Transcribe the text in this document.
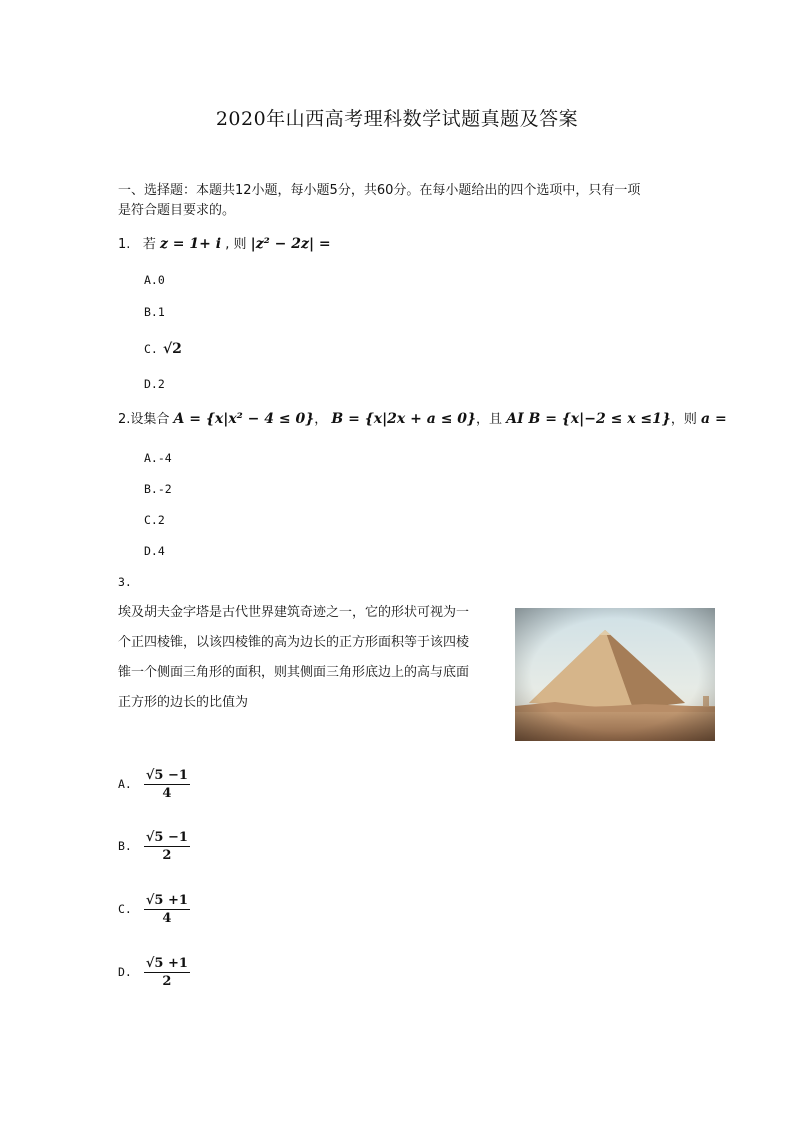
2020年山西高考理科数学试题真题及答案
一、选择题：本题共12小题，每小题5分，共60分。在每小题给出的四个选项中，只有一项
是符合题目要求的。
1. 若 z = 1+ i , 则 |z² − 2z| =
A.0
B.1
C. √2
D.2
2.设集合 A = {x|x² − 4 ≤ 0}， B = {x|2x + a ≤ 0}，且 AI B = {x|−2 ≤ x ≤1}，则 a =
A.-4
B.-2
C.2
D.4
3.
埃及胡夫金字塔是古代世界建筑奇迹之一，它的形状可视为一
个正四棱锥，以该四棱锥的高为边长的正方形面积等于该四棱
锥一个侧面三角形的面积，则其侧面三角形底边上的高与底面
正方形的边长的比值为
A. $\frac{√5 -1}{4}$
B. $\frac{√5 -1}{2}$
C. $\frac{√5 +1}{4}$
D. $\frac{√5 +1}{2}$
